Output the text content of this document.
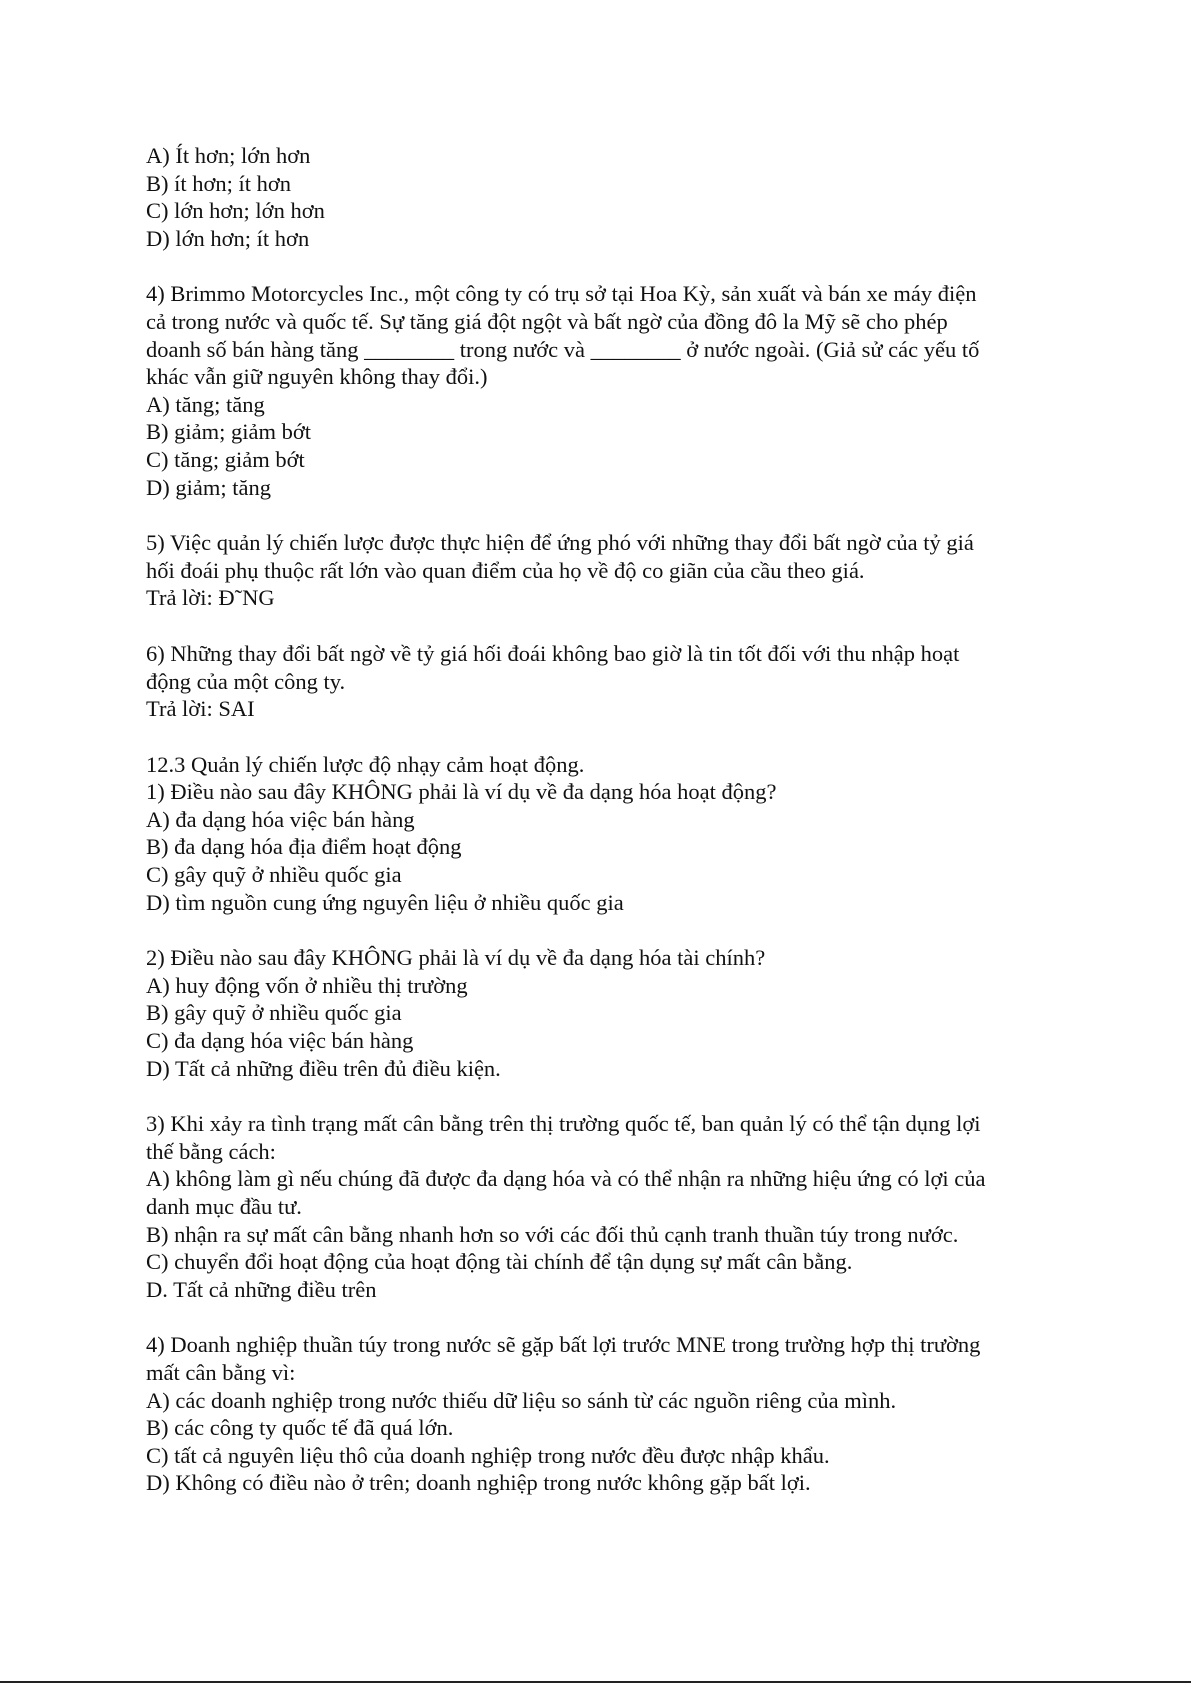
A) Ít hơn; lớn hơn

B) ít hơn; ít hơn

C) lớn hơn; lớn hơn

D) lớn hơn; ít hơn

4) Brimmo Motorcycles Inc., một công ty có trụ sở tại Hoa Kỳ, sản xuất và bán xe máy điện

cả trong nước và quốc tế. Sự tăng giá đột ngột và bất ngờ của đồng đô la Mỹ sẽ cho phép

doanh số bán hàng tăng ________ trong nước và ________ ở nước ngoài. (Giả sử các yếu tố

khác vẫn giữ nguyên không thay đổi.)

A) tăng; tăng

B) giảm; giảm bớt

C) tăng; giảm bớt

D) giảm; tăng

5) Việc quản lý chiến lược được thực hiện để ứng phó với những thay đổi bất ngờ của tỷ giá

hối đoái phụ thuộc rất lớn vào quan điểm của họ về độ co giãn của cầu theo giá.

Trả lời: Đ˜NG

6) Những thay đổi bất ngờ về tỷ giá hối đoái không bao giờ là tin tốt đối với thu nhập hoạt

động của một công ty.

Trả lời: SAI

12.3 Quản lý chiến lược độ nhạy cảm hoạt động.

1) Điều nào sau đây KHÔNG phải là ví dụ về đa dạng hóa hoạt động?

A) đa dạng hóa việc bán hàng

B) đa dạng hóa địa điểm hoạt động

C) gây quỹ ở nhiều quốc gia

D) tìm nguồn cung ứng nguyên liệu ở nhiều quốc gia

2) Điều nào sau đây KHÔNG phải là ví dụ về đa dạng hóa tài chính?

A) huy động vốn ở nhiều thị trường

B) gây quỹ ở nhiều quốc gia

C) đa dạng hóa việc bán hàng

D) Tất cả những điều trên đủ điều kiện.

3) Khi xảy ra tình trạng mất cân bằng trên thị trường quốc tế, ban quản lý có thể tận dụng lợi

thế bằng cách:

A) không làm gì nếu chúng đã được đa dạng hóa và có thể nhận ra những hiệu ứng có lợi của

danh mục đầu tư.

B) nhận ra sự mất cân bằng nhanh hơn so với các đối thủ cạnh tranh thuần túy trong nước.

C) chuyển đổi hoạt động của hoạt động tài chính để tận dụng sự mất cân bằng.

D. Tất cả những điều trên

4) Doanh nghiệp thuần túy trong nước sẽ gặp bất lợi trước MNE trong trường hợp thị trường

mất cân bằng vì:

A) các doanh nghiệp trong nước thiếu dữ liệu so sánh từ các nguồn riêng của mình.

B) các công ty quốc tế đã quá lớn.

C) tất cả nguyên liệu thô của doanh nghiệp trong nước đều được nhập khẩu.

D) Không có điều nào ở trên; doanh nghiệp trong nước không gặp bất lợi.
